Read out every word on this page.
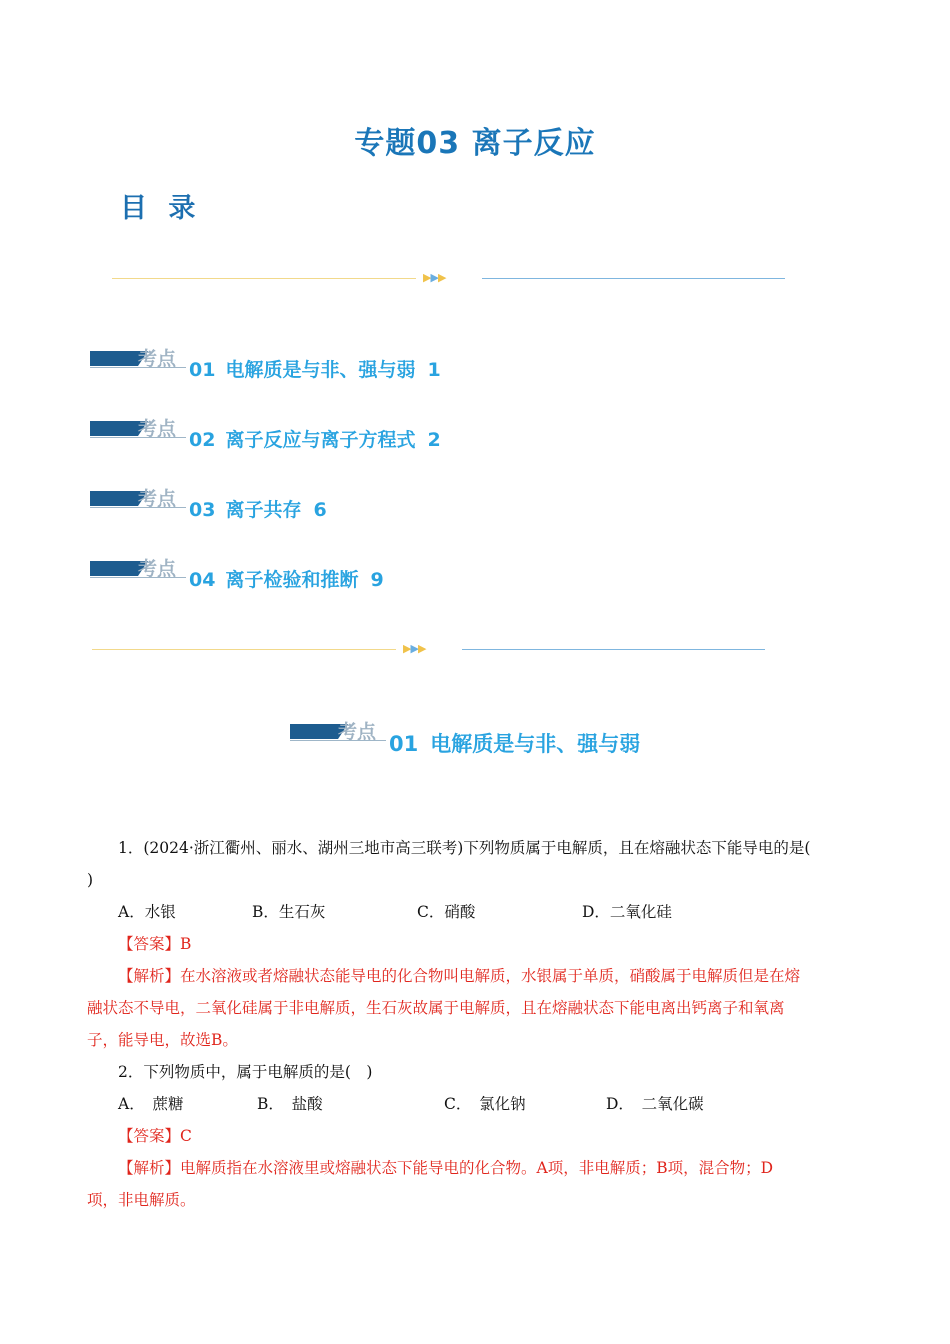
专题03 离子反应
目 录
▶▶▶
考点 01 电解质是与非、强与弱 1
考点 02 离子反应与离子方程式 2
考点 03 离子共存 6
考点 04 离子检验和推断 9
▶▶▶
考点 01 电解质是与非、强与弱
1．(2024·浙江衢州、丽水、湖州三地市高三联考)下列物质属于电解质，且在熔融状态下能导电的是(
)
A．水银	B．生石灰	C．硝酸	D．二氧化硅
【答案】B
【解析】在水溶液或者熔融状态能导电的化合物叫电解质，水银属于单质，硝酸属于电解质但是在熔
融状态不导电，二氧化硅属于非电解质，生石灰故属于电解质，且在熔融状态下能电离出钙离子和氧离
子，能导电，故选B。
2．下列物质中，属于电解质的是(　)
A．　蔗糖	B．　盐酸	C．　氯化钠	D．　二氧化碳
【答案】C
【解析】电解质指在水溶液里或熔融状态下能导电的化合物。A项，非电解质；B项，混合物；D
项，非电解质。
